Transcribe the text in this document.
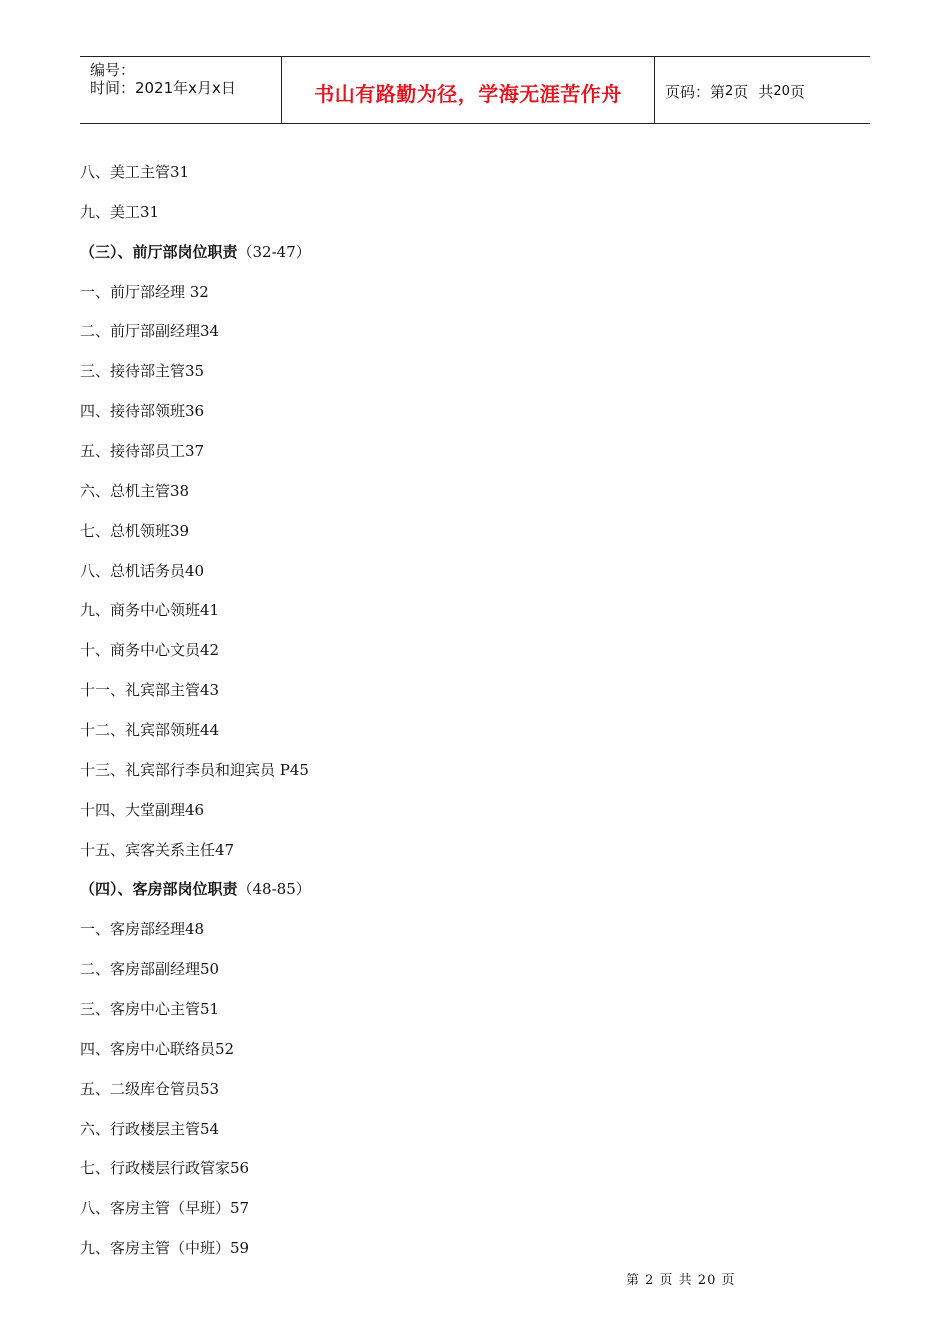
编号：
时间：2021年x月x日	书山有路勤为径，学海无涯苦作舟	页码：第 2 页 共 20 页
八、美工主管31
九、美工31
（三）、前厅部岗位职责（32-47）
一、前厅部经理 32
二、前厅部副经理34
三、接待部主管35
四、接待部领班36
五、接待部员工37
六、总机主管38
七、总机领班39
八、总机话务员40
九、商务中心领班41
十、商务中心文员42
十一、礼宾部主管43
十二、礼宾部领班44
十三、礼宾部行李员和迎宾员 P45
十四、大堂副理46
十五、宾客关系主任47
（四）、客房部岗位职责（48-85）
一、客房部经理48
二、客房部副经理50
三、客房中心主管51
四、客房中心联络员52
五、二级库仓管员53
六、行政楼层主管54
七、行政楼层行政管家56
八、客房主管（早班）57
九、客房主管（中班）59
第 2 页 共 20 页
